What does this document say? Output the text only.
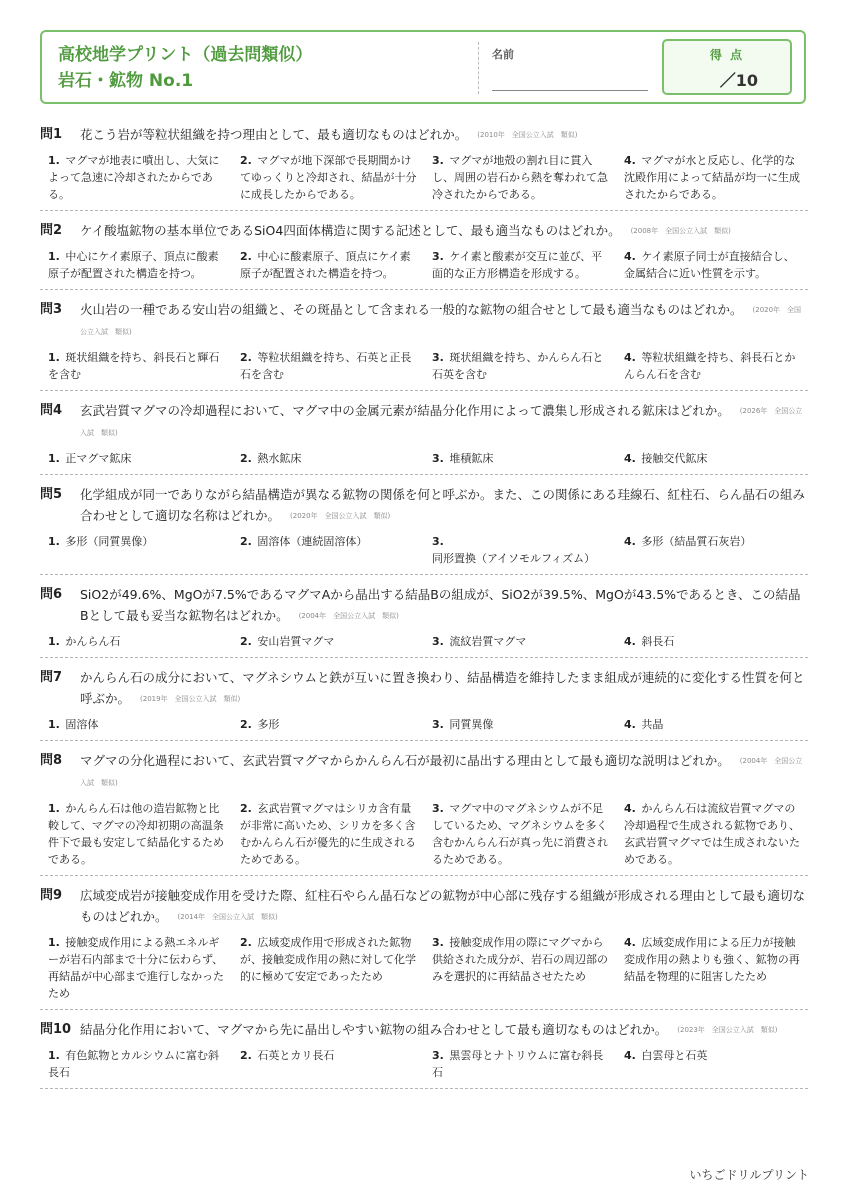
高校地学プリント（過去問類似）
岩石・鉱物 No.1
名前	得 点
／10
問1 花こう岩が等粒状組織を持つ理由として、最も適切なものはどれか。 (2010年　全国公立入試　類似)
1. マグマが地表に噴出し、大気によって急速に冷却されたからである。
2. マグマが地下深部で長期間かけてゆっくりと冷却され、結晶が十分に成長したからである。
3. マグマが地殻の割れ目に貫入し、周囲の岩石から熱を奪われて急冷されたからである。
4. マグマが水と反応し、化学的な沈殿作用によって結晶が均一に生成されたからである。
問2 ケイ酸塩鉱物の基本単位であるSiO4四面体構造に関する記述として、最も適当なものはどれか。 (2008年　全国公立入試　類似)
1. 中心にケイ素原子、頂点に酸素原子が配置された構造を持つ。
2. 中心に酸素原子、頂点にケイ素原子が配置された構造を持つ。
3. ケイ素と酸素が交互に並び、平面的な正方形構造を形成する。
4. ケイ素原子同士が直接結合し、金属結合に近い性質を示す。
問3 火山岩の一種である安山岩の組織と、その斑晶として含まれる一般的な鉱物の組合せとして最も適当なものはどれか。 (2020年　全国公立入試　類似)
1. 斑状組織を持ち、斜長石と輝石を含む
2. 等粒状組織を持ち、石英と正長石を含む
3. 斑状組織を持ち、かんらん石と石英を含む
4. 等粒状組織を持ち、斜長石とかんらん石を含む
問4 玄武岩質マグマの冷却過程において、マグマ中の金属元素が結晶分化作用によって濃集し形成される鉱床はどれか。 (2026年　全国公立入試　類似)
1. 正マグマ鉱床	2. 熱水鉱床	3. 堆積鉱床	4. 接触交代鉱床
問5 化学組成が同一でありながら結晶構造が異なる鉱物の関係を何と呼ぶか。また、この関係にある珪線石、紅柱石、らん晶石の組み合わせとして適切な名称はどれか。 (2020年　全国公立入試　類似)
1. 多形（同質異像）	2. 固溶体（連続固溶体）	3. 同形置換（アイソモルフィズム）
4. 多形（結晶質石灰岩）
問6 SiO2が49.6%、MgOが7.5%であるマグマAから晶出する結晶Bの組成が、SiO2が39.5%、MgOが43.5%であるとき、この結晶Bとして最も妥当な鉱物名はどれか。 (2004年　全国公立入試　類似)
1. かんらん石	2. 安山岩質マグマ	3. 流紋岩質マグマ	4. 斜長石
問7 かんらん石の成分において、マグネシウムと鉄が互いに置き換わり、結晶構造を維持したまま組成が連続的に変化する性質を何と呼ぶか。 (2019年　全国公立入試　類似)
1. 固溶体	2. 多形	3. 同質異像	4. 共晶
問8 マグマの分化過程において、玄武岩質マグマからかんらん石が最初に晶出する理由として最も適切な説明はどれか。 (2004年　全国公立入試　類似)
1. かんらん石は他の造岩鉱物と比較して、マグマの冷却初期の高温条件下で最も安定して結晶化するためである。
2. 玄武岩質マグマはシリカ含有量が非常に高いため、シリカを多く含むかんらん石が優先的に生成されるためである。
3. マグマ中のマグネシウムが不足しているため、マグネシウムを多く含むかんらん石が真っ先に消費されるためである。
4. かんらん石は流紋岩質マグマの冷却過程で生成される鉱物であり、玄武岩質マグマでは生成されないためである。
問9 広域変成岩が接触変成作用を受けた際、紅柱石やらん晶石などの鉱物が中心部に残存する組織が形成される理由として最も適切なものはどれか。 (2014年　全国公立入試　類似)
1. 接触変成作用による熱エネルギーが岩石内部まで十分に伝わらず、再結晶が中心部まで進行しなかったため
2. 広域変成作用で形成された鉱物が、接触変成作用の熱に対して化学的に極めて安定であったため
3. 接触変成作用の際にマグマから供給された成分が、岩石の周辺部のみを選択的に再結晶させたため
4. 広域変成作用による圧力が接触変成作用の熱よりも強く、鉱物の再結晶を物理的に阻害したため
問10 結晶分化作用において、マグマから先に晶出しやすい鉱物の組み合わせとして最も適切なものはどれか。 (2023年　全国公立入試　類似)
1. 有色鉱物とカルシウムに富む斜長石
2. 石英とカリ長石	3. 黒雲母とナトリウムに富む斜長石
4. 白雲母と石英
いちごドリルプリント
